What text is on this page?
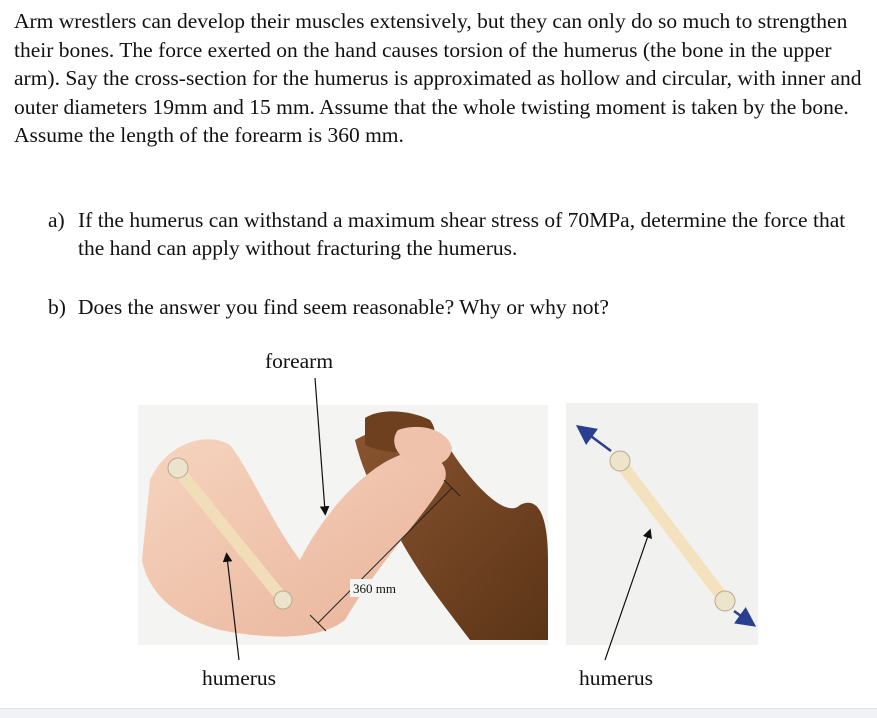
Arm wrestlers can develop their muscles extensively, but they can only do so much to strengthen their bones. The force exerted on the hand causes torsion of the humerus (the bone in the upper arm). Say the cross-section for the humerus is approximated as hollow and circular, with inner and outer diameters 19mm and 15 mm. Assume that the whole twisting moment is taken by the bone. Assume the length of the forearm is 360 mm.

a) If the humerus can withstand a maximum shear stress of 70MPa, determine the force that the hand can apply without fracturing the humerus.
b) Does the answer you find seem reasonable? Why or why not?
360 mm
forearm
humerus	humerus
